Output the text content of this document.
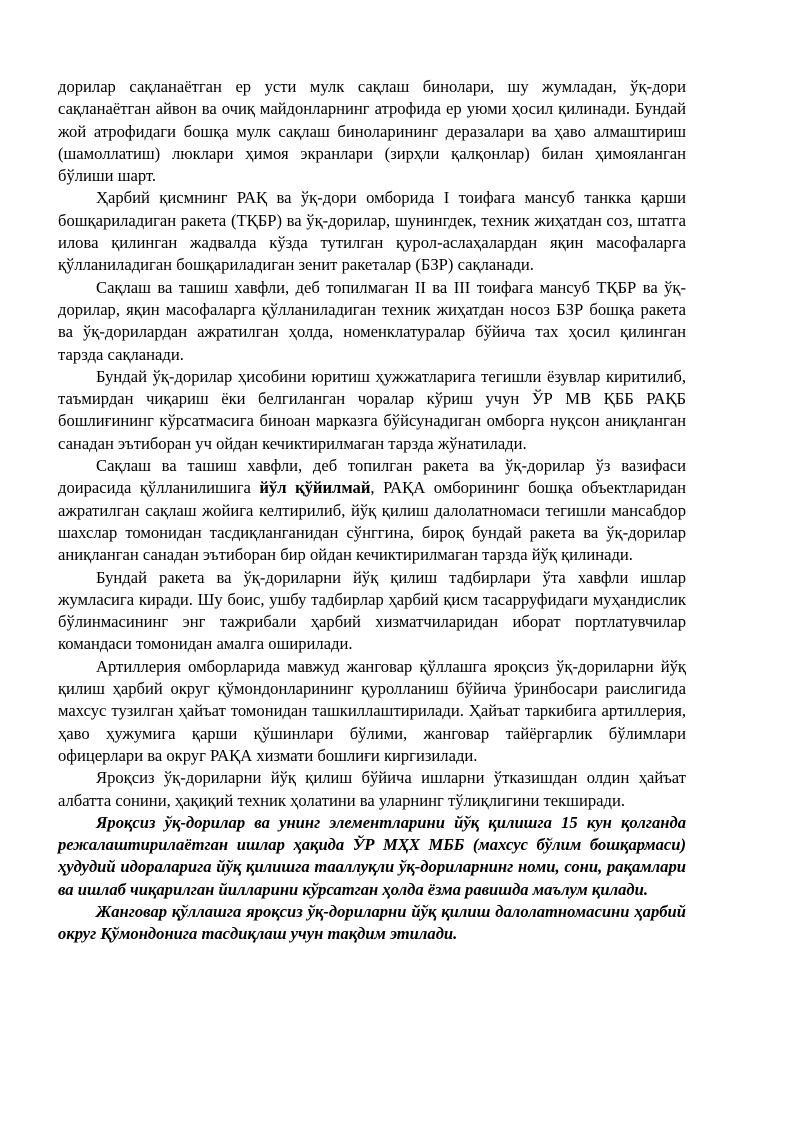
дорилар сақланаётган ер усти мулк сақлаш бинолари, шу жумладан, ўқ-дори сақланаётган айвон ва очиқ майдонларнинг атрофида ер уюми ҳосил қилинади. Бундай жой атрофидаги бошқа мулк сақлаш биноларининг деразалари ва ҳаво алмаштириш (шамоллатиш) люклари ҳимоя экранлари (зирҳли қалқонлар) билан ҳимояланган бўлиши шарт.

Ҳарбий қисмнинг РАҚ ва ўқ-дори омборида I тоифага мансуб танкка қарши бошқариладиган ракета (ТҚБР) ва ўқ-дорилар, шунингдек, техник жиҳатдан соз, штатга илова қилинган жадвалда кўзда тутилган қурол-аслаҳалардан яқин масофаларга қўлланиладиган бошқариладиган зенит ракеталар (БЗР) сақланади.

Сақлаш ва ташиш хавфли, деб топилмаган II ва III тоифага мансуб ТҚБР ва ўқ-дорилар, яқин масофаларга қўлланиладиган техник жиҳатдан носоз БЗР бошқа ракета ва ўқ-дорилардан ажратилган ҳолда, номенклатуралар бўйича тах ҳосил қилинган тарзда сақланади.

Бундай ўқ-дорилар ҳисобини юритиш ҳужжатларига тегишли ёзувлар киритилиб, таъмирдан чиқариш ёки белгиланган чоралар кўриш учун ЎР МВ ҚББ РАҚБ бошлиғининг кўрсатмасига биноан марказга бўйсунадиган омборга нуқсон аниқланган санадан эътиборан уч ойдан кечиктирилмаган тарзда жўнатилади.

Сақлаш ва ташиш хавфли, деб топилган ракета ва ўқ-дорилар ўз вазифаси доирасида қўлланилишига йўл қўйилмай, РАҚА омборининг бошқа объектларидан ажратилган сақлаш жойига келтирилиб, йўқ қилиш далолатномаси тегишли мансабдор шахслар томонидан тасдиқланганидан сўнггина, бироқ бундай ракета ва ўқ-дорилар аниқланган санадан эътиборан бир ойдан кечиктирилмаган тарзда йўқ қилинади.

Бундай ракета ва ўқ-дориларни йўқ қилиш тадбирлари ўта хавфли ишлар жумласига киради. Шу боис, ушбу тадбирлар ҳарбий қисм тасарруфидаги муҳандислик бўлинмасининг энг тажрибали ҳарбий хизматчиларидан иборат портлатувчилар командаси томонидан амалга оширилади.

Артиллерия омборларида мавжуд жанговар қўллашга яроқсиз ўқ-дориларни йўқ қилиш ҳарбий округ қўмондонларининг қуролланиш бўйича ўринбосари раислигида махсус тузилган ҳайъат томонидан ташкиллаштирилади. Ҳайъат таркибига артиллерия, ҳаво ҳужумига қарши қўшинлари бўлими, жанговар тайёргарлик бўлимлари офицерлари ва округ РАҚА хизмати бошлиғи киргизилади.

Яроқсиз ўқ-дориларни йўқ қилиш бўйича ишларни ўтказишдан олдин ҳайъат албатта сонини, ҳақиқий техник ҳолатини ва уларнинг тўлиқлигини текширади.

Яроқсиз ўқ-дорилар ва унинг элементларини йўқ қилишга 15 кун қолганда режалаштирилаётган ишлар ҳақида ЎР МҲХ МББ (махсус бўлим бошқармаси) ҳудудий идораларига йўқ қилишга тааллуқли ўқ-дориларнинг номи, сони, рақамлари ва ишлаб чиқарилган йилларини кўрсатган ҳолда ёзма равишда маълум қилади.

Жанговар қўллашга яроқсиз ўқ-дориларни йўқ қилиш далолатномасини ҳарбий округ Қўмондонига тасдиқлаш учун тақдим этилади.
